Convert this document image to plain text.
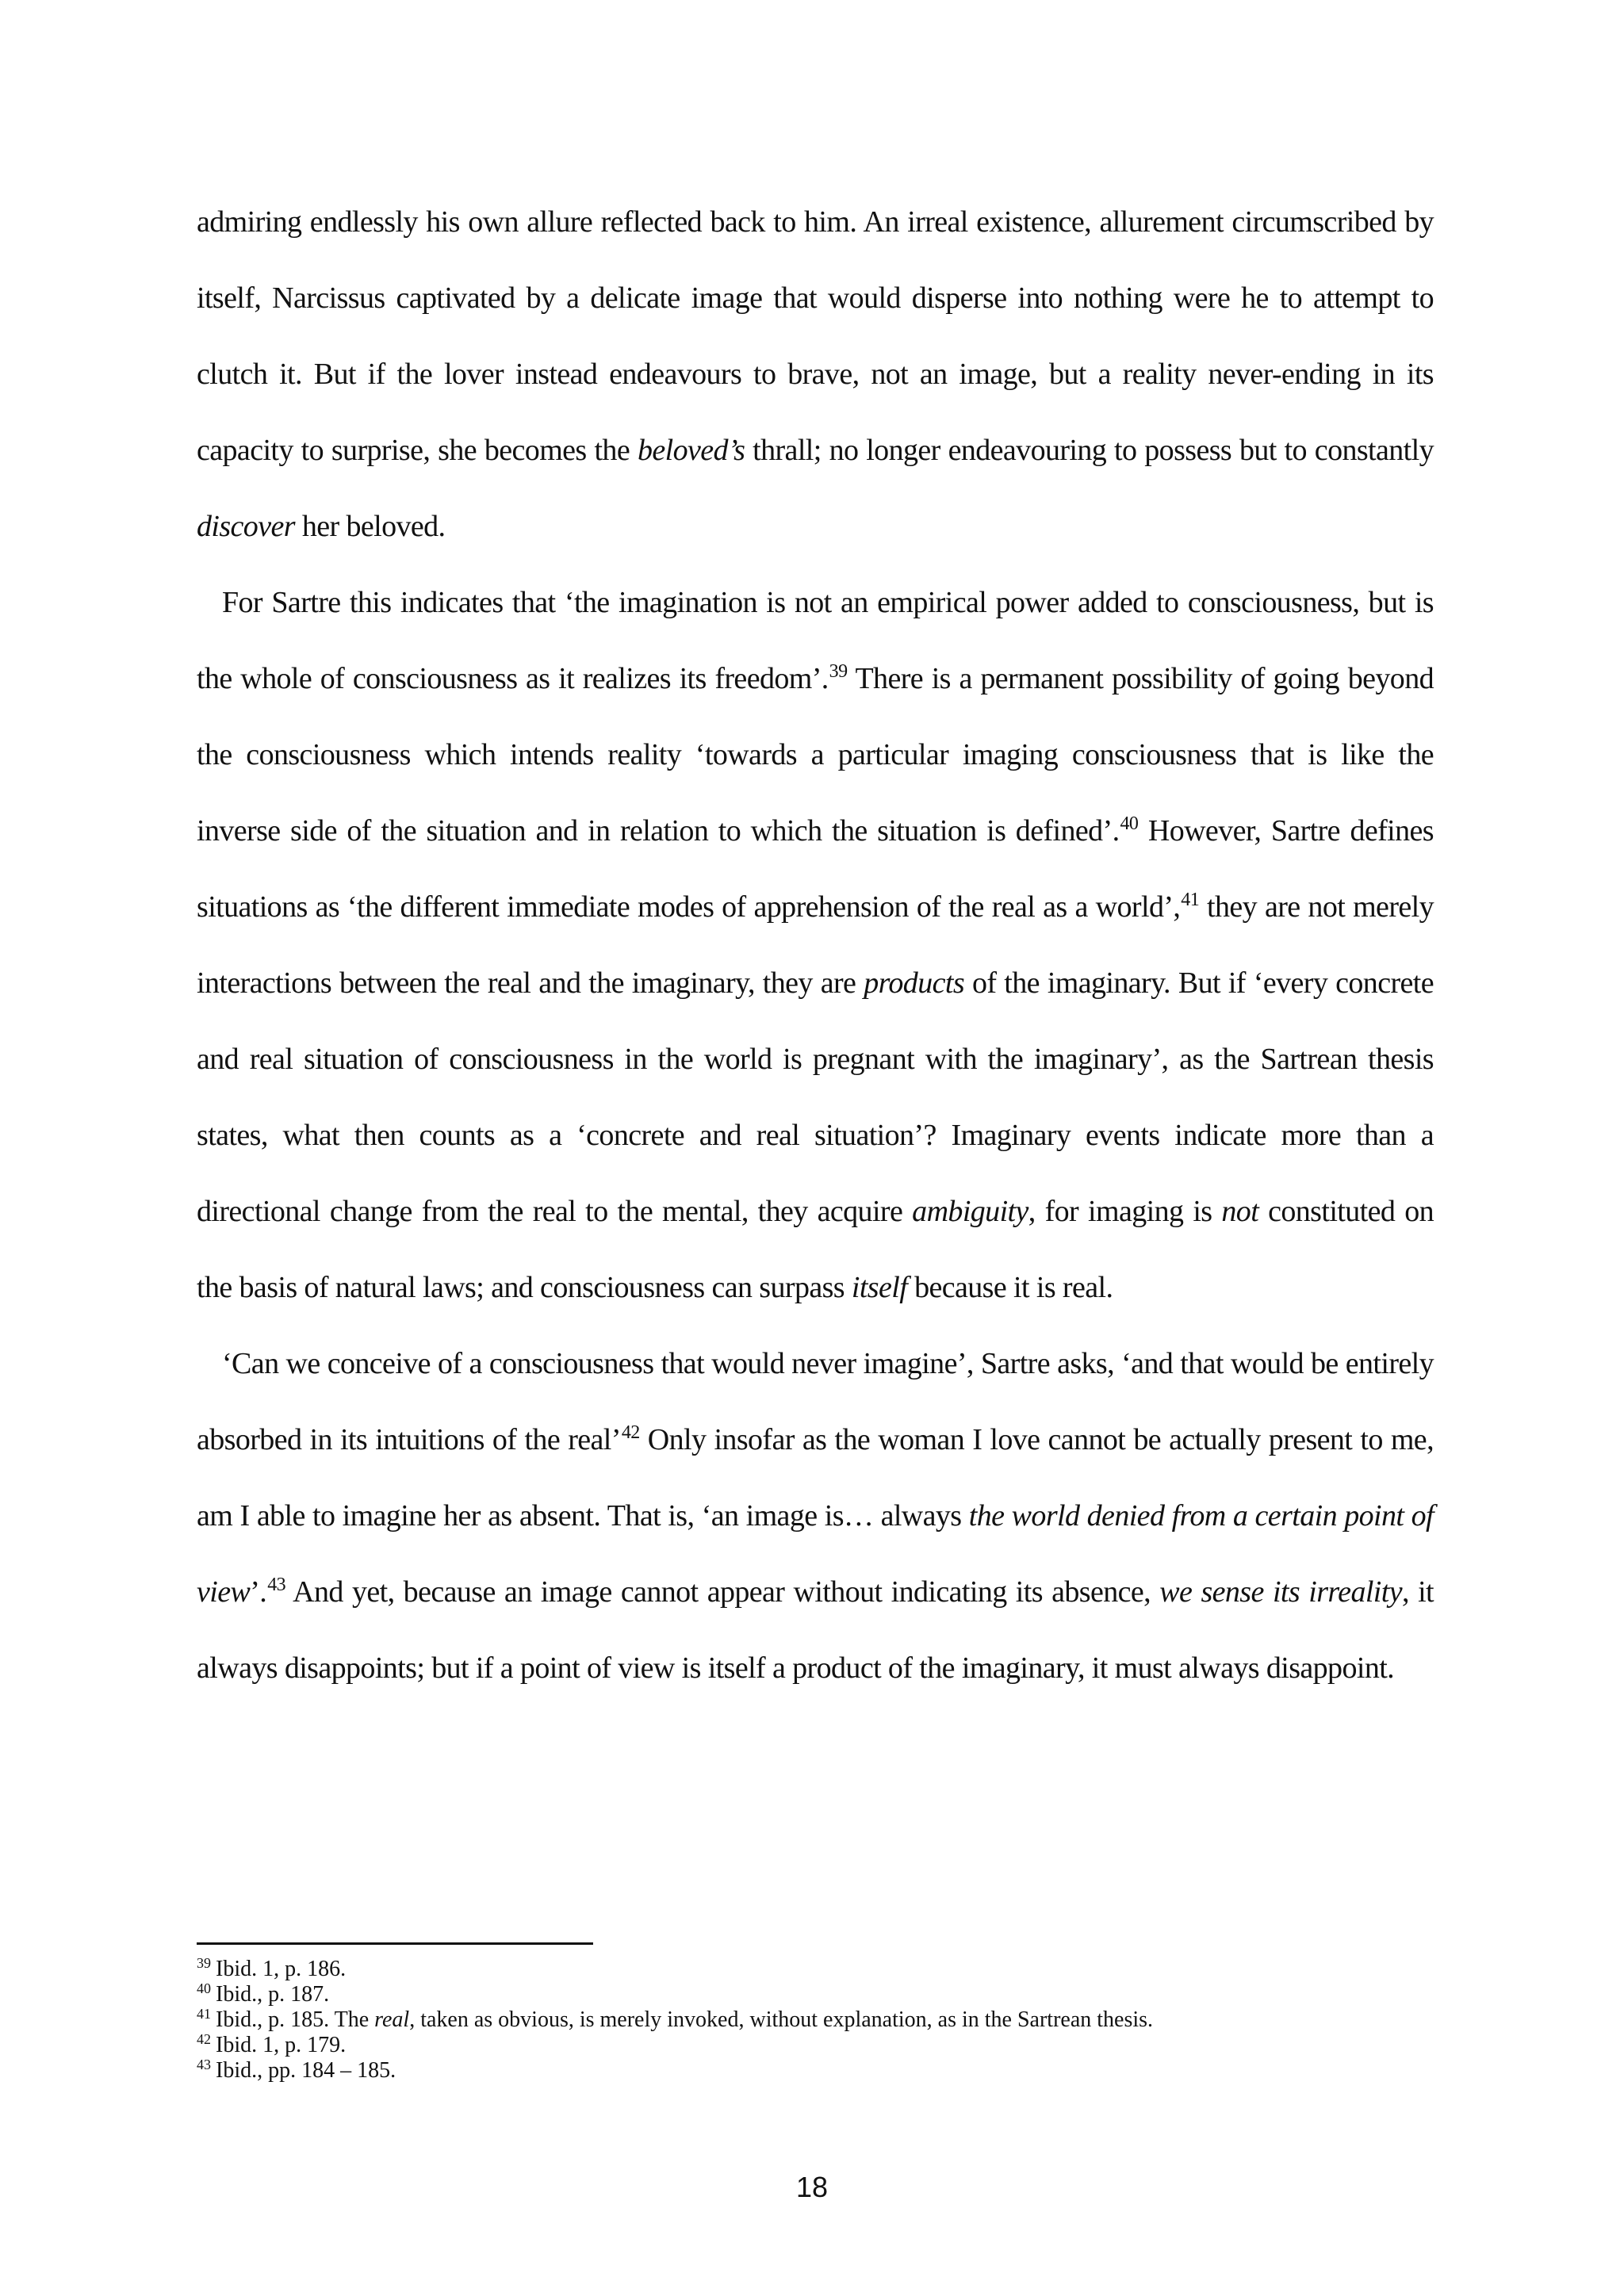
admiring endlessly his own allure reflected back to him. An irreal existence, allurement circumscribed by itself, Narcissus captivated by a delicate image that would disperse into nothing were he to attempt to clutch it. But if the lover instead endeavours to brave, not an image, but a reality never-ending in its capacity to surprise, she becomes the beloved’s thrall; no longer endeavouring to possess but to constantly discover her beloved.

For Sartre this indicates that ‘the imagination is not an empirical power added to consciousness, but is the whole of consciousness as it realizes its freedom’.$^{39}$ There is a permanent possibility of going beyond the consciousness which intends reality ‘towards a particular imaging consciousness that is like the inverse side of the situation and in relation to which the situation is defined’.$^{40}$ However, Sartre defines situations as ‘the different immediate modes of apprehension of the real as a world’,$^{41}$ they are not merely interactions between the real and the imaginary, they are products of the imaginary. But if ‘every concrete and real situation of consciousness in the world is pregnant with the imaginary’, as the Sartrean thesis states, what then counts as a ‘concrete and real situation’? Imaginary events indicate more than a directional change from the real to the mental, they acquire ambiguity, for imaging is not constituted on the basis of natural laws; and consciousness can surpass itself because it is real.

‘Can we conceive of a consciousness that would never imagine’, Sartre asks, ‘and that would be entirely absorbed in its intuitions of the real’$^{42}$ Only insofar as the woman I love cannot be actually present to me, am I able to imagine her as absent. That is, ‘an image is… always the world denied from a certain point of view’.$^{43}$ And yet, because an image cannot appear without indicating its absence, we sense its irreality, it always disappoints; but if a point of view is itself a product of the imaginary, it must always disappoint.

$^{39}$ Ibid. 1, p. 186.

$^{40}$ Ibid., p. 187.

$^{41}$ Ibid., p. 185. The real, taken as obvious, is merely invoked, without explanation, as in the Sartrean thesis.

$^{42}$ Ibid. 1, p. 179.

$^{43}$ Ibid., pp. 184 – 185.

18
